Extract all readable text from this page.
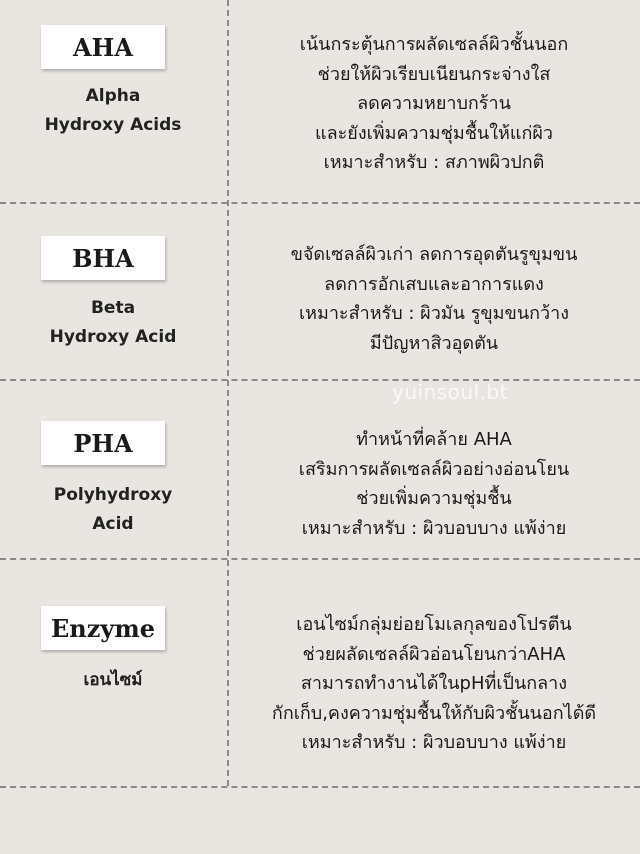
AHA
Alpha
Hydroxy Acids
เน้นกระตุ้นการผลัดเซลล์ผิวชั้นนอก
ช่วยให้ผิวเรียบเนียนกระจ่างใส
ลดความหยาบกร้าน
และยังเพิ่มความชุ่มชื้นให้แก่ผิว
เหมาะสำหรับ : สภาพผิวปกติ
BHA
Beta
Hydroxy Acid
ขจัดเซลล์ผิวเก่า ลดการอุดตันรูขุมขน
ลดการอักเสบและอาการแดง
เหมาะสำหรับ : ผิวมัน รูขุมขนกว้าง
มีปัญหาสิวอุดตัน
PHA
Polyhydroxy
Acid
ทำหน้าที่คล้าย AHA
เสริมการผลัดเซลล์ผิวอย่างอ่อนโยน
ช่วยเพิ่มความชุ่มชื้น
เหมาะสำหรับ : ผิวบอบบาง แพ้ง่าย
Enzyme
เอนไซม์
เอนไซม์กลุ่มย่อยโมเลกุลของโปรตีน
ช่วยผลัดเซลล์ผิวอ่อนโยนกว่าAHA
สามารถทำงานได้ในpHที่เป็นกลาง
กักเก็บ,คงความชุ่มชื้นให้กับผิวชั้นนอกได้ดี
เหมาะสำหรับ : ผิวบอบบาง แพ้ง่าย
yuinsoul.bt
